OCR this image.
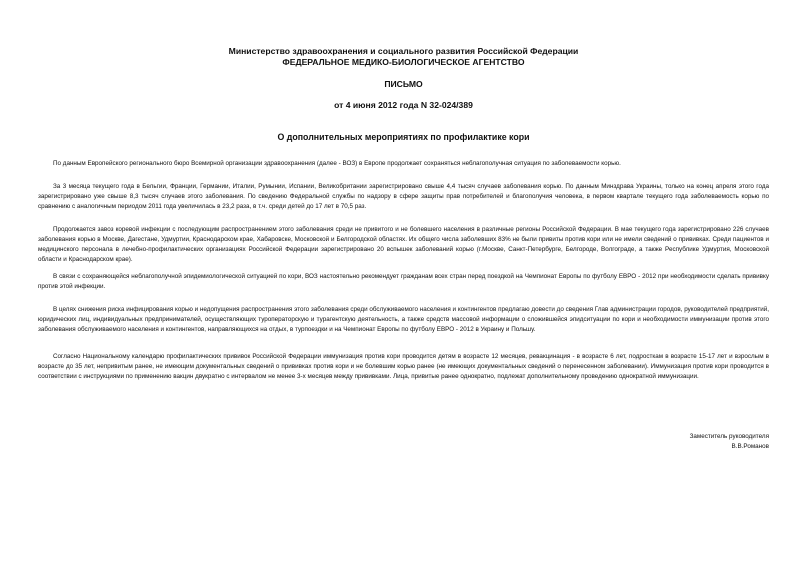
Министерство здравоохранения и социального развития Российской Федерации
ФЕДЕРАЛЬНОЕ МЕДИКО-БИОЛОГИЧЕСКОЕ АГЕНТСТВО
ПИСЬМО
от 4 июня 2012 года N 32-024/389
О дополнительных мероприятиях по профилактике кори
По данным Европейского регионального бюро Всемирной организации здравоохранения (далее - ВОЗ) в Европе продолжает сохраняться неблагополучная ситуация по заболеваемости корью.
За 3 месяца текущего года в Бельгии, Франции, Германии, Италии, Румынии, Испании, Великобритании зарегистрировано свыше 4,4 тысяч случаев заболевания корью. По данным Минздрава Украины, только на конец апреля этого года зарегистрировано уже свыше 8,3 тысяч случаев этого заболевания. По сведению Федеральной службы по надзору в сфере защиты прав потребителей и благополучия человека, в первом квартале текущего года заболеваемость корью по сравнению с аналогичным периодом 2011 года увеличилась в 23,2 раза, в т.ч. среди детей до 17 лет в 70,5 раз.
Продолжается завоз коревой инфекции с последующим распространением этого заболевания среди не привитого и не болевшего населения в различные регионы Российской Федерации. В мае текущего года зарегистрировано 226 случаев заболевания корью в Москве, Дагестане, Удмуртии, Краснодарском крае, Хабаровске, Московской и Белгородской областях. Их общего числа заболевших 83% не были привиты против кори или не имели сведений о прививках. Среди пациентов и медицинского персонала в лечебно-профилактических организациях Российской Федерации зарегистрировано 20 вспышек заболеваний корью (г.Москве, Санкт-Петербурге, Белгороде, Волгограде, а также Республике Удмуртия, Московской области и Краснодарском крае).
В связи с сохраняющейся неблагополучной эпидемиологической ситуацией по кори, ВОЗ настоятельно рекомендует гражданам всех стран перед поездкой на Чемпионат Европы по футболу ЕВРО - 2012 при необходимости сделать прививку против этой инфекции.
В целях снижения риска инфицирования корью и недопущения распространения этого заболевания среди обслуживаемого населения и контингентов предлагаю довести до сведения Глав администрации городов, руководителей предприятий, юридических лиц, индивидуальных предпринимателей, осуществляющих туроператорскую и турагентскую деятельность, а также средств массовой информации о сложившейся эпидситуации по кори и необходимости иммунизации против этого заболевания обслуживаемого населения и контингентов, направляющихся на отдых, в турпоездки и на Чемпионат Европы по футболу ЕВРО - 2012 в Украину и Польшу.
Согласно Национальному календарю профилактических прививок Российской Федерации иммунизация против кори проводится детям в возрасте 12 месяцев, ревакцинация - в возрасте 6 лет, подросткам в возрасте 15-17 лет и взрослым в возрасте до 35 лет, непривитым ранее, не имеющим документальных сведений о прививках против кори и не болевшим корью ранее (не имеющих документальных сведений о перенесенном заболевании). Иммунизация против кори проводится в соответствии с инструкциями по применению вакцин двукратно с интервалом не менее 3-х месяцев между прививками. Лица, привитые ранее однократно, подлежат дополнительному проведению однократной иммунизации.
Заместитель руководителя
В.В.Романов
